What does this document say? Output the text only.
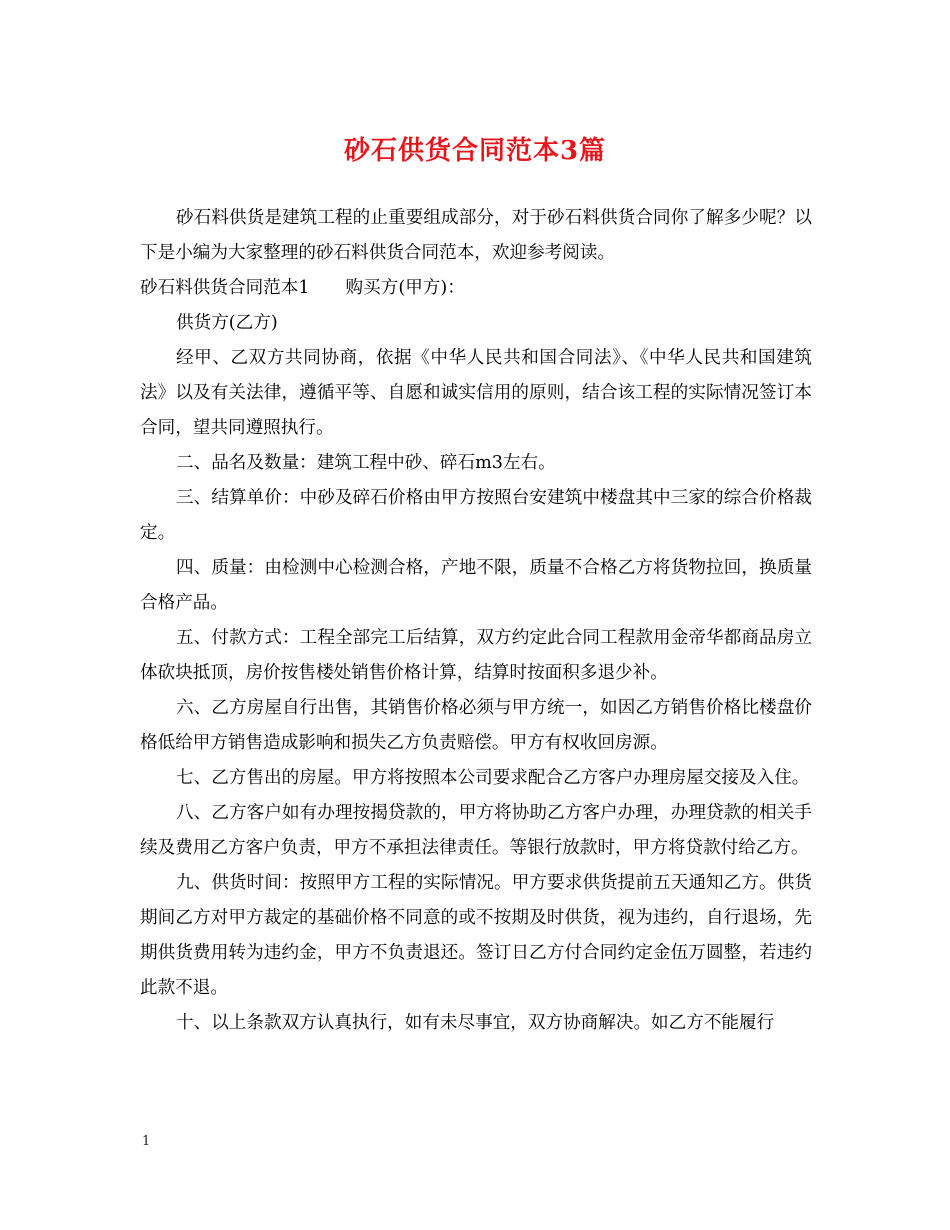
砂石供货合同范本3篇

砂石料供货是建筑工程的止重要组成部分，对于砂石料供货合同你了解多少呢？以下是小编为大家整理的砂石料供货合同范本，欢迎参考阅读。

砂石料供货合同范本1 购买方(甲方)：

供货方(乙方)

经甲、乙双方共同协商，依据《中华人民共和国合同法》、《中华人民共和国建筑法》以及有关法律，遵循平等、自愿和诚实信用的原则，结合该工程的实际情况签订本合同，望共同遵照执行。

二、品名及数量：建筑工程中砂、碎石m3左右。

三、结算单价：中砂及碎石价格由甲方按照台安建筑中楼盘其中三家的综合价格裁定。

四、质量：由检测中心检测合格，产地不限，质量不合格乙方将货物拉回，换质量合格产品。

五、付款方式：工程全部完工后结算，双方约定此合同工程款用金帝华都商品房立体砍块抵顶，房价按售楼处销售价格计算，结算时按面积多退少补。

六、乙方房屋自行出售，其销售价格必须与甲方统一，如因乙方销售价格比楼盘价格低给甲方销售造成影响和损失乙方负责赔偿。甲方有权收回房源。

七、乙方售出的房屋。甲方将按照本公司要求配合乙方客户办理房屋交接及入住。

八、乙方客户如有办理按揭贷款的，甲方将协助乙方客户办理，办理贷款的相关手续及费用乙方客户负责，甲方不承担法律责任。等银行放款时，甲方将贷款付给乙方。

九、供货时间：按照甲方工程的实际情况。甲方要求供货提前五天通知乙方。供货期间乙方对甲方裁定的基础价格不同意的或不按期及时供货，视为违约，自行退场，先期供货费用转为违约金，甲方不负责退还。签订日乙方付合同约定金伍万圆整，若违约此款不退。

十、以上条款双方认真执行，如有未尽事宜，双方协商解决。如乙方不能履行

1
